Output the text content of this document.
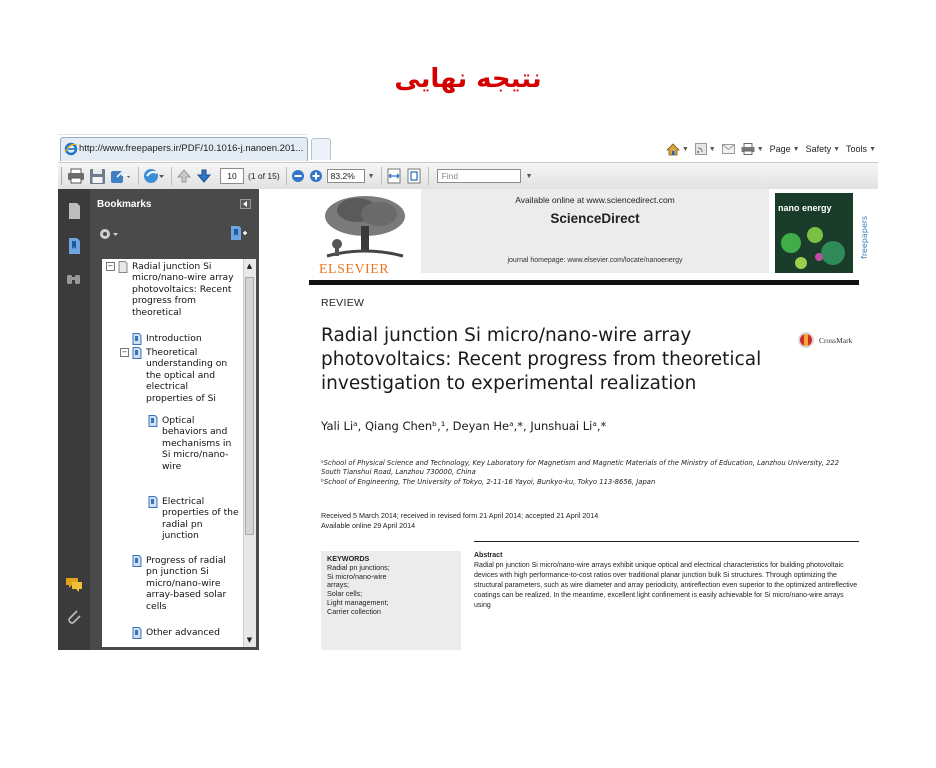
نتیجه نهایی
http://www.freepapers.ir/PDF/10.1016-j.nanoen.201...	▼	▼	▼ Page ▼ Safety ▼ Tools ▼
10	(1 of 15)	83.2%	▼	Find	▼
Bookmarks
− Radial junction Si micro/nano-wire array photovoltaics: Recent progress from theoretical
Introduction
− Theoretical understanding on the optical and electrical properties of Si
Optical behaviors and mechanisms in Si micro/nano-wire
Electrical properties of the radial pn junction
Progress of radial pn junction Si micro/nano-wire array-based solar cells
Other advanced
▲
▼
ELSEVIER
Available online at www.sciencedirect.com
ScienceDirect
journal homepage: www.elsevier.com/locate/nanoenergy
nano energy
REVIEW
Radial junction Si micro/nano-wire array photovoltaics: Recent progress from theoretical investigation to experimental realization
CrossMark
Yali Liᵃ, Qiang Chenᵇ,¹, Deyan Heᵃ,*, Junshuai Liᵃ,*
ᵃSchool of Physical Science and Technology, Key Laboratory for Magnetism and Magnetic Materials of the Ministry of Education, Lanzhou University, 222 South Tianshui Road, Lanzhou 730000, China
ᵇSchool of Engineering, The University of Tokyo, 2-11-16 Yayoi, Bunkyo-ku, Tokyo 113-8656, Japan
Received 5 March 2014; received in revised form 21 April 2014; accepted 21 April 2014
Available online 29 April 2014
KEYWORDS
Radial pn junctions;
Si micro/nano-wire
arrays;
Solar cells;
Light management;
Carrier collection
Abstract
Radial pn junction Si micro/nano-wire arrays exhibit unique optical and electrical characteristics for building photovoltaic devices with high performance-to-cost ratios over traditional planar junction bulk Si structures. Through optimizing the structural parameters, such as wire diameter and array periodicity, antireflection even superior to the optimized antireflective coatings can be realized. In the meantime, excellent light confinement is easily achievable for Si micro/nano-wire arrays using
freepapers
